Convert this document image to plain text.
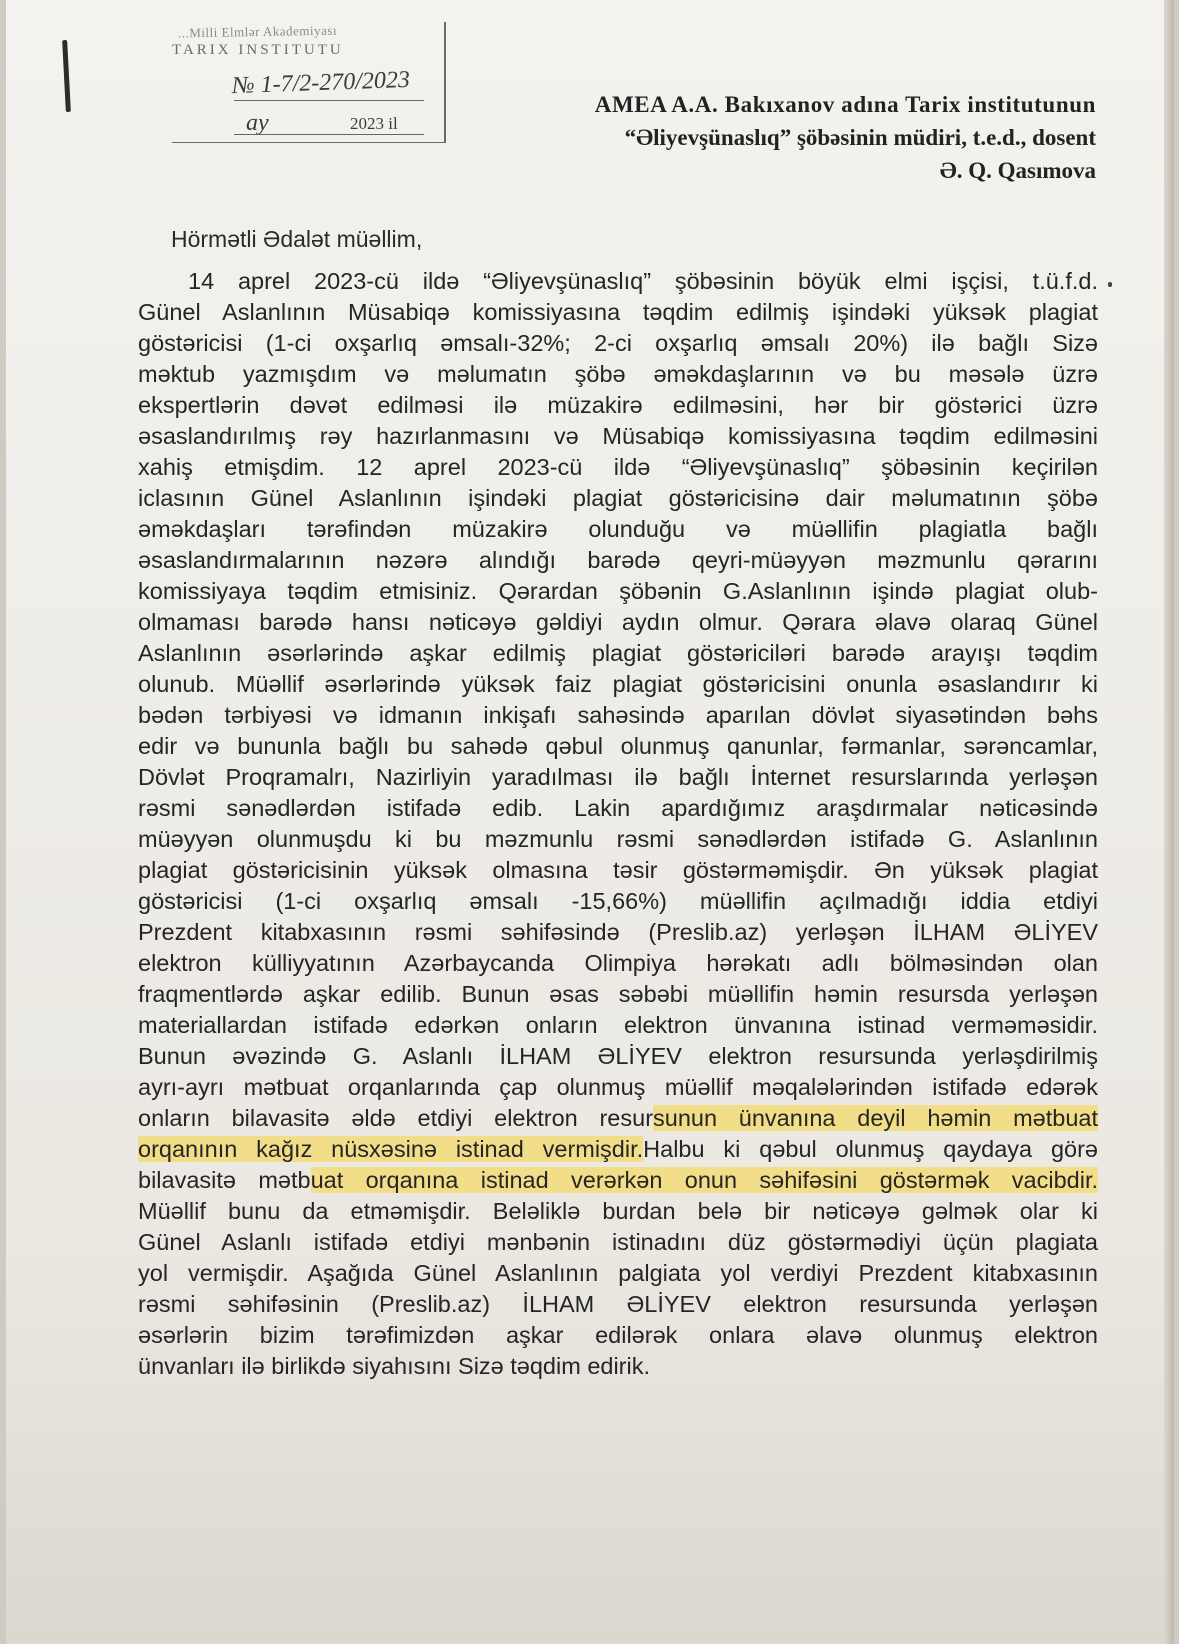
...Milli Elmlər Akademiyası
TARIX INSTITUTU
№ 1-7/2-270/2023
ay	2023 il
AMEA A.A. Bakıxanov adına Tarix institutunun
“Əliyevşünaslıq” şöbəsinin müdiri, t.e.d., dosent
Ə. Q. Qasımova
Hörmətli Ədalət müəllim,
14 aprel 2023-cü ildə “Əliyevşünaslıq” şöbəsinin böyük elmi işçisi, t.ü.f.d.
Günel Aslanlının Müsabiqə komissiyasına təqdim edilmiş işindəki yüksək plagiat
göstəricisi (1-ci oxşarlıq əmsalı-32%; 2-ci oxşarlıq əmsalı 20%) ilə bağlı Sizə
məktub yazmışdım və məlumatın şöbə əməkdaşlarının və bu məsələ üzrə
ekspertlərin dəvət edilməsi ilə müzakirə edilməsini, hər bir göstərici üzrə
əsaslandırılmış rəy hazırlanmasını və Müsabiqə komissiyasına təqdim edilməsini
xahiş etmişdim. 12 aprel 2023-cü ildə “Əliyevşünaslıq” şöbəsinin keçirilən
iclasının Günel Aslanlının işindəki plagiat göstəricisinə dair məlumatının şöbə
əməkdaşları tərəfindən müzakirə olunduğu və müəllifin plagiatla bağlı
əsaslandırmalarının nəzərə alındığı barədə qeyri-müəyyən məzmunlu qərarını
komissiyaya təqdim etmisiniz. Qərardan şöbənin G.Aslanlının işində plagiat olub-
olmaması barədə hansı nəticəyə gəldiyi aydın olmur. Qərara əlavə olaraq Günel
Aslanlının əsərlərində aşkar edilmiş plagiat göstəriciləri barədə arayışı təqdim
olunub. Müəllif əsərlərində yüksək faiz plagiat göstəricisini onunla əsaslandırır ki
bədən tərbiyəsi və idmanın inkişafı sahəsində aparılan dövlət siyasətindən bəhs
edir və bununla bağlı bu sahədə qəbul olunmuş qanunlar, fərmanlar, sərəncamlar,
Dövlət Proqramalrı, Nazirliyin yaradılması ilə bağlı İnternet resurslarında yerləşən
rəsmi sənədlərdən istifadə edib. Lakin apardığımız araşdırmalar nəticəsində
müəyyən olunmuşdu ki bu məzmunlu rəsmi sənədlərdən istifadə G. Aslanlının
plagiat göstəricisinin yüksək olmasına təsir göstərməmişdir. Ən yüksək plagiat
göstəricisi (1-ci oxşarlıq əmsalı -15,66%) müəllifin açılmadığı iddia etdiyi
Prezdent kitabxasının rəsmi səhifəsində (Preslib.az) yerləşən İLHAM ƏLİYEV
elektron külliyyatının Azərbaycanda Olimpiya hərəkatı adlı bölməsindən olan
fraqmentlərdə aşkar edilib. Bunun əsas səbəbi müəllifin həmin resursda yerləşən
materiallardan istifadə edərkən onların elektron ünvanına istinad verməməsidir.
Bunun əvəzində G. Aslanlı İLHAM ƏLİYEV elektron resursunda yerləşdirilmiş
ayrı-ayrı mətbuat orqanlarında çap olunmuş müəllif məqalələrindən istifadə edərək
onların bilavasitə əldə etdiyi elektron resursunun ünvanına deyil həmin mətbuat
orqanının kağız nüsxəsinə istinad vermişdir.Halbu ki qəbul olunmuş qaydaya görə
bilavasitə mətbuat orqanına istinad verərkən onun səhifəsini göstərmək vacibdir.
Müəllif bunu da etməmişdir. Beləliklə burdan belə bir nəticəyə gəlmək olar ki
Günel Aslanlı istifadə etdiyi mənbənin istinadını düz göstərmədiyi üçün plagiata
yol vermişdir. Aşağıda Günel Aslanlının palgiata yol verdiyi Prezdent kitabxasının
rəsmi səhifəsinin (Preslib.az) İLHAM ƏLİYEV elektron resursunda yerləşən
əsərlərin bizim tərəfimizdən aşkar edilərək onlara əlavə olunmuş elektron
ünvanları ilə birlikdə siyahısını Sizə təqdim edirik.
